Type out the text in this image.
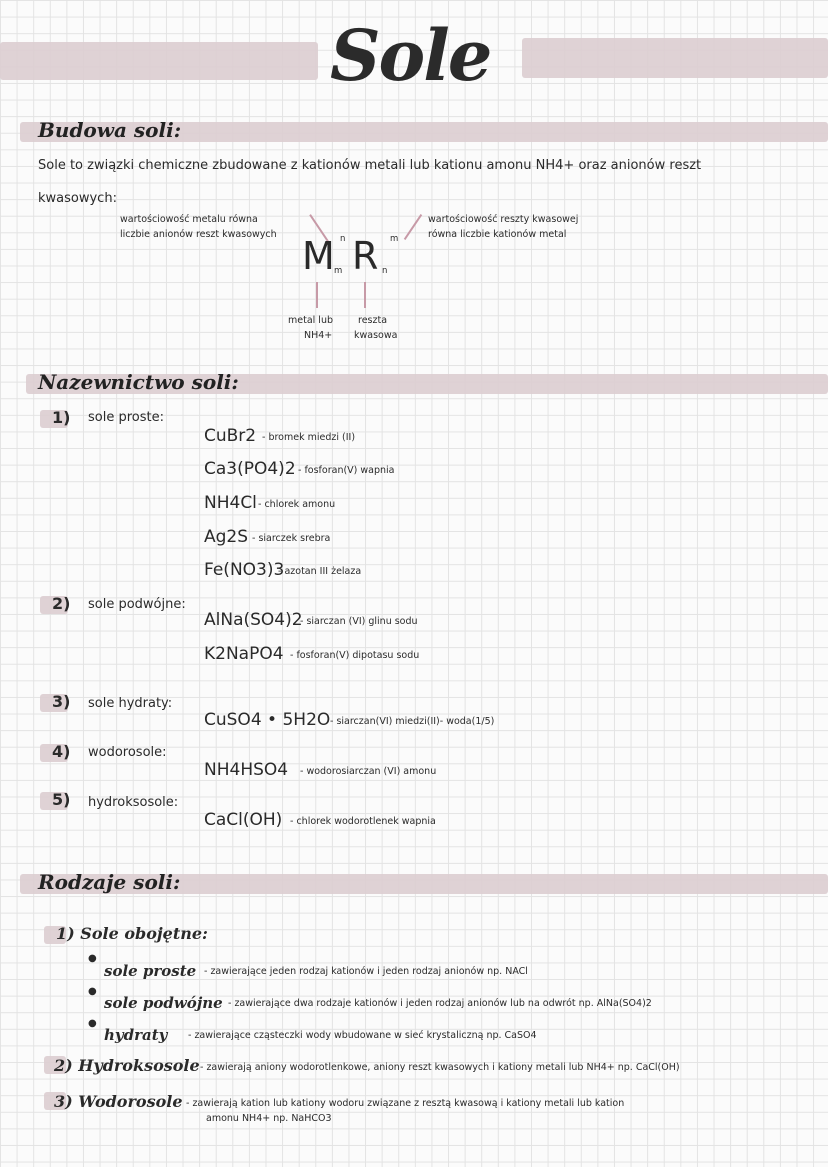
Sole
Budowa soli:
Sole to związki chemiczne zbudowane z kationów metali lub kationu amonu NH4+ oraz anionów reszt
kwasowych:
wartościowość metalu równa
liczbie anionów reszt kwasowych
wartościowość reszty kwasowej
równa liczbie kationów metal
M n
m R m
n
metal lub
NH4+
reszta
kwasowa
Nazewnictwo soli:
1) sole proste:
CuBr2 - bromek miedzi (II)
Ca3(PO4)2 - fosforan(V) wapnia
NH4Cl - chlorek amonu
Ag2S - siarczek srebra
Fe(NO3)3
- azotan III żelaza
2) sole podwójne:
AlNa(SO4)2
- siarczan (VI) glinu sodu
K2NaPO4 - fosforan(V) dipotasu sodu
3) sole hydraty:
CuSO4 • 5H2O - siarczan(VI) miedzi(II)- woda(1/5)
4) wodorosole:
NH4HSO4 - wodorosiarczan (VI) amonu
5) hydroksosole:
CaCl(OH) - chlorek wodorotlenek wapnia
Rodzaje soli:
1) Sole obojętne:
●
sole proste - zawierające jeden rodzaj kationów i jeden rodzaj anionów np. NACl
●
sole podwójne - zawierające dwa rodzaje kationów i jeden rodzaj anionów lub na odwrót np. AlNa(SO4)2
●
hydraty - zawierające cząsteczki wody wbudowane w sieć krystaliczną np. CaSO4
2) Hydroksosole - zawierają aniony wodorotlenkowe, aniony reszt kwasowych i kationy metali lub NH4+ np. CaCl(OH)
3) Wodorosole - zawierają kation lub kationy wodoru związane z resztą kwasową i kationy metali lub kation
amonu NH4+ np. NaHCO3
